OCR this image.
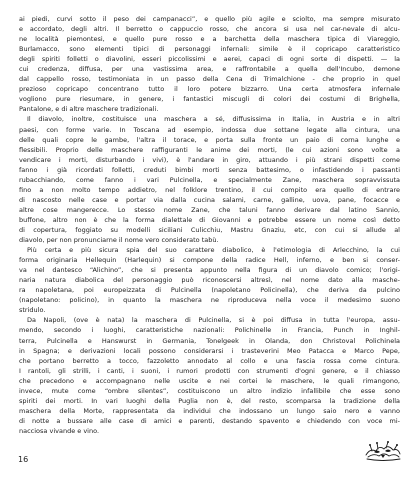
ai piedi, curvi sotto il peso dei campanacci”, e quello più agile e sciolto, ma sempre misurato
e accordato, degli altri. Il berretto o cappuccio rosso, che ancora si usa nel car-nevale di alcu-
ne località piemontesi, e quello pure rosso e a barchetta della maschera tipica di Viareggio,
Burlamacco, sono elementi tipici di personaggi infernali: simile è il copricapo caratteristico
degli spiriti folletti o diavolini, esseri piccolissimi e aerei, capaci di ogni sorte di dispetti. — la
cui credenza, diffusa, per una vastissima area, e raffrontabile a quella dell'Incubo, demone
dal cappello rosso, testimoniata in un passo della Cena di Trimalchione - che proprio in quel
prezioso copricapo concentrano tutto il loro potere bizzarro. Una certa atmosfera infernale
vogliono pure riesumare, in genere, i fantastici miscugli di colori dei costumi di Brighella,
Pantalone, e di altre maschere tradizionali.
Il diavolo, inoltre, costituisce una maschera a sé, diffusissima in Italia, in Austria e in altri
paesi, con forme varie. In Toscana ad esempio, indossa due sottane legate alla cintura, una
delle quali copre le gambe, l'altra il torace, e porta sulla fronte un paio di corna lunghe e
flessibili. Proprio delle maschere raffiguranti le anime dei morti, (le cui azioni sono volte a
vendicare i morti, disturbando i vivi), è l'andare in giro, attuando i più strani dispetti come
fanno i già ricordati folletti, creduti bimbi morti senza battesimo, o infastidendo i passanti
rubacchiando, come fanno i vari Pulcinella, e specialmente Zane, maschera sopravvissuta
fino a non molto tempo addietro, nel folklore trentino, il cui compito era quello di entrare
di nascosto nelle case e portar via dalla cucina salami, carne, galline, uova, pane, focacce e
altre cose mangerecce. Lo stesso nome Zane, che taluni fanno derivare dal latino Sannio,
buffone, altro non è che la forma dialettale di Giovanni e potrebbe essere un nome così detto
di copertura, foggiato su modelli siciliani Culicchiu, Mastru Gnaziu, etc, con cui si allude al
diavolo, per non pronunciarne il nome vero considerato tabù.
Più certa e più sicura spia del suo carattere diabolico, è l'etimologia di Arlecchino, la cui
forma originaria Hellequin (Harlequin) si compone della radice Hell, inferno, e ben si conser-
va nel dantesco “Alichino”, che si presenta appunto nella figura di un diavolo comico; l'origi-
naria natura diabolica del personaggio può riconoscersi altresì, nel nome dato alla masche-
ra napoletana, poi europeizzata di Pulcinella (napoletano Policinella), che deriva da pulcino
(napoletano: policino), in quanto la maschera ne riproduceva nella voce il medesimo suono
stridulo.
Da Napoli, (ove è nata) la maschera di Pulcinella, si è poi diffusa in tutta l'europa, assu-
mendo, secondo i luoghi, caratteristiche nazionali: Polichinelle in Francia, Punch in Inghil-
terra, Pulcinella e Hanswurst in Germania, Tonelgeek in Olanda, don Christoval Polichinela
in Spagna; e derivazioni locali possono considerarsi i trasteverini Meo Patacca e Marco Pepe,
che portano berretto a tocco, fazzoletto annodato al collo e una fascia rossa come cintura.
I rantoli, gli strilli, i canti, i suoni, i rumori prodotti con strumenti d'ogni genere, e il chiasso
che precedono e accompagnano nelle uscite e nei cortei le maschere, le quali rimangono,
invece, mute come “ombre silentes”, costituiscono un altro indizio infallibile che esse sono
spiriti dei morti. In vari luoghi della Puglia non è, del resto, scomparsa la tradizione della
maschera della Morte, rappresentata da individui che indossano un lungo saio nero e vanno
di notte a bussare alle case di amici e parenti, destando spavento e chiedendo con voce mi-
nacciosa vivande e vino.
16
